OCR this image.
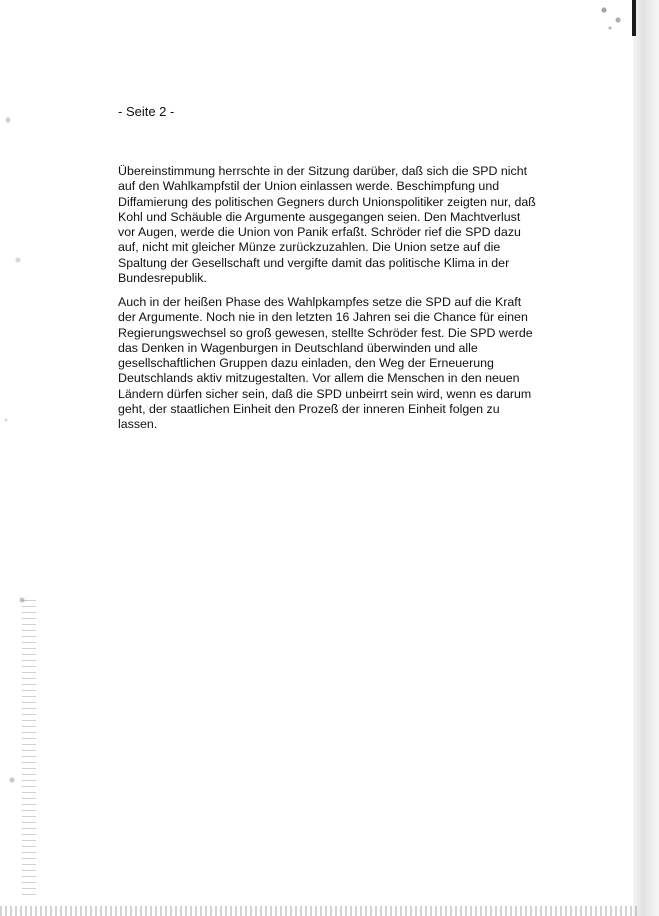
- Seite 2 -

Übereinstimmung herrschte in der Sitzung darüber, daß sich die SPD nicht
auf den Wahlkampfstil der Union einlassen werde. Beschimpfung und
Diffamierung des politischen Gegners durch Unionspolitiker zeigten nur, daß
Kohl und Schäuble die Argumente ausgegangen seien. Den Machtverlust
vor Augen, werde die Union von Panik erfaßt. Schröder rief die SPD dazu
auf, nicht mit gleicher Münze zurückzuzahlen. Die Union setze auf die
Spaltung der Gesellschaft und vergifte damit das politische Klima in der
Bundesrepublik.

Auch in der heißen Phase des Wahlpkampfes setze die SPD auf die Kraft
der Argumente. Noch nie in den letzten 16 Jahren sei die Chance für einen
Regierungswechsel so groß gewesen, stellte Schröder fest. Die SPD werde
das Denken in Wagenburgen in Deutschland überwinden und alle
gesellschaftlichen Gruppen dazu einladen, den Weg der Erneuerung
Deutschlands aktiv mitzugestalten. Vor allem die Menschen in den neuen
Ländern dürfen sicher sein, daß die SPD unbeirrt sein wird, wenn es darum
geht, der staatlichen Einheit den Prozeß der inneren Einheit folgen zu
lassen.
